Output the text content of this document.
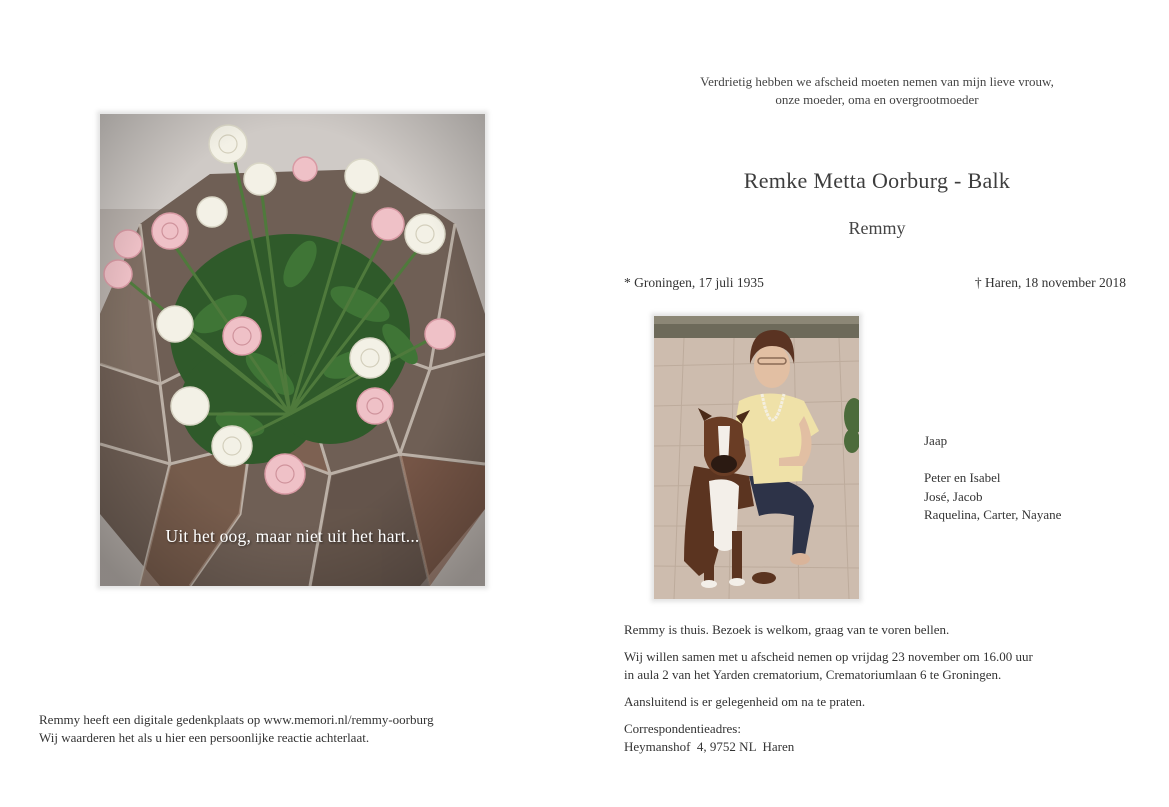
Uit het oog, maar niet uit het hart...
Remmy heeft een digitale gedenkplaats op www.memori.nl/remmy-oorburg
Wij waarderen het als u hier een persoonlijke reactie achterlaat.
Verdrietig hebben we afscheid moeten nemen van mijn lieve vrouw,
onze moeder, oma en overgrootmoeder
Remke Metta Oorburg - Balk
Remmy
* Groningen, 17 juli 1935	† Haren, 18 november 2018
Jaap
Peter en Isabel
José, Jacob
Raquelina, Carter, Nayane

Remmy is thuis. Bezoek is welkom, graag van te voren bellen.

Wij willen samen met u afscheid nemen op vrijdag 23 november om 16.00 uur
in aula 2 van het Yarden crematorium, Crematoriumlaan 6 te Groningen.

Aansluitend is er gelegenheid om na te praten.

Correspondentieadres:
Heymanshof  4, 9752 NL  Haren
